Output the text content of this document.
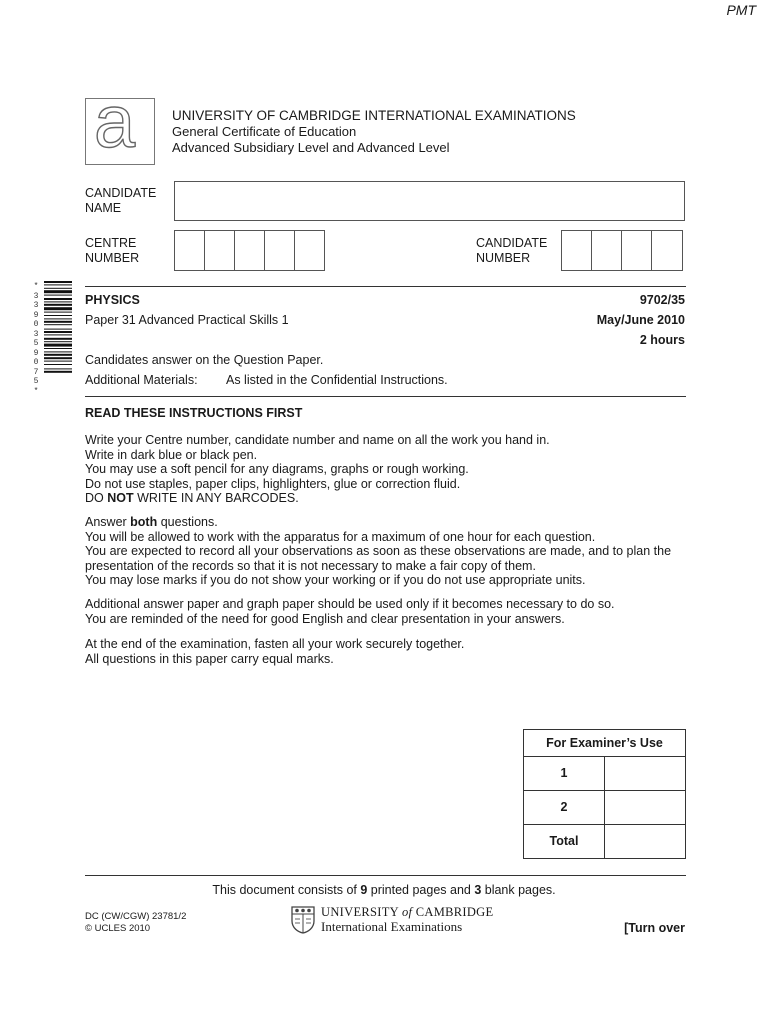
PMT
a	UNIVERSITY OF CAMBRIDGE INTERNATIONAL EXAMINATIONS
General Certificate of Education
Advanced Subsidiary Level and Advanced Level
CANDIDATE
NAME
CENTRE
NUMBER
CANDIDATE
NUMBER
*
3
3
9
0
3
5
9
0
7
5
*
PHYSICS	9702/35
Paper 31 Advanced Practical Skills 1	May/June 2010
2 hours
Candidates answer on the Question Paper.
Additional Materials: As listed in the Confidential Instructions.
READ THESE INSTRUCTIONS FIRST
Write your Centre number, candidate number and name on all the work you hand in.
Write in dark blue or black pen.
You may use a soft pencil for any diagrams, graphs or rough working.
Do not use staples, paper clips, highlighters, glue or correction fluid.
DO NOT WRITE IN ANY BARCODES.
Answer both questions.
You will be allowed to work with the apparatus for a maximum of one hour for each question.
You are expected to record all your observations as soon as these observations are made, and to plan the
presentation of the records so that it is not necessary to make a fair copy of them.
You may lose marks if you do not show your working or if you do not use appropriate units.
Additional answer paper and graph paper should be used only if it becomes necessary to do so.
You are reminded of the need for good English and clear presentation in your answers.
At the end of the examination, fasten all your work securely together.
All questions in this paper carry equal marks.
For Examiner’s Use
1
2
Total
This document consists of 9 printed pages and 3 blank pages.
DC (CW/CGW) 23781/2
© UCLES 2010
UNIVERSITY of CAMBRIDGE
International Examinations	[Turn over
